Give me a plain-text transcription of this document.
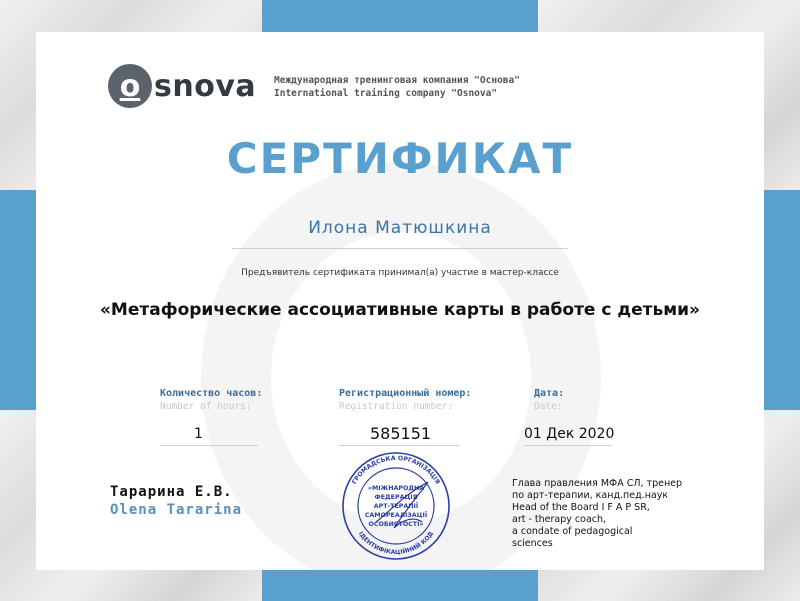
o snova Международная тренинговая компания "Основа"
International training company "Osnova"
СЕРТИФИКАТ
Илона Матюшкина
Предъявитель сертификата принимал(а) участие в мастер-классе
«Метафорические ассоциативные карты в работе с детьми»
Количество часов:
Number of hours:
1
Регистрационный номер:
Registration number:
585151
Дата:
Date:
01 Дек 2020
Тарарина Е.В.
Olena Tararina
ГРОМАДСЬКА ОРГАНІЗАЦІЯ
ІДЕНТИФІКАЦІЙНИЙ КОД
«МІЖНАРОДНА
ФЕДЕРАЦІЯ
АРТ-ТЕРАПІЇ
САМОРЕАЛІЗАЦІЇ
ОСОБИСТОСТІ»
Глава правления МФА СЛ, тренер
по арт-терапии, канд.пед.наук
Head of the Board I F A P SR,
art - therapy coach,
a condate of pedagogical
sciences
